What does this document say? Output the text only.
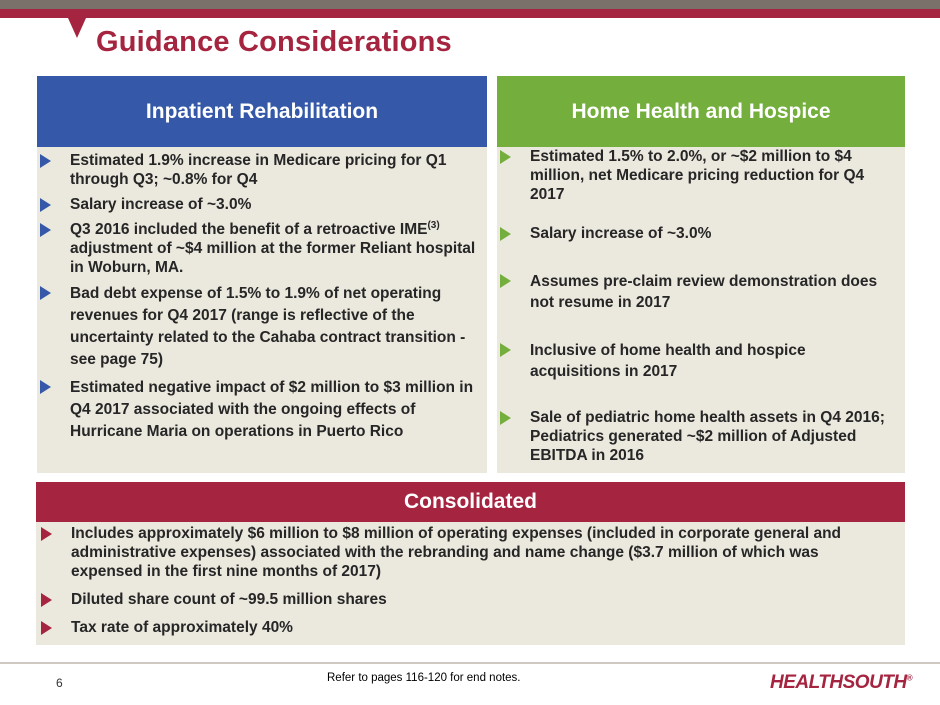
Guidance Considerations
Inpatient Rehabilitation
Estimated 1.9% increase in Medicare pricing for Q1 through Q3; ~0.8% for Q4
Salary increase of ~3.0%
Q3 2016 included the benefit of a retroactive IME$^{(3)}$ adjustment of ~$4 million at the former Reliant hospital in Woburn, MA.
Bad debt expense of 1.5% to 1.9% of net operating revenues for Q4 2017 (range is reflective of the uncertainty related to the Cahaba contract transition - see page 75)
Estimated negative impact of $2 million to $3 million in Q4 2017 associated with the ongoing effects of Hurricane Maria on operations in Puerto Rico
Home Health and Hospice
Estimated 1.5% to 2.0%, or ~$2 million to $4 million, net Medicare pricing reduction for Q4 2017
Salary increase of ~3.0%
Assumes pre-claim review demonstration does not resume in 2017
Inclusive of home health and hospice acquisitions in 2017
Sale of pediatric home health assets in Q4 2016; Pediatrics generated ~$2 million of Adjusted EBITDA in 2016
Consolidated
Includes approximately $6 million to $8 million of operating expenses (included in corporate general and administrative expenses) associated with the rebranding and name change ($3.7 million of which was expensed in the first nine months of 2017)
Diluted share count of ~99.5 million shares
Tax rate of approximately 40%
6	Refer to pages 116-120 for end notes.	HEALTHSOUTH®
